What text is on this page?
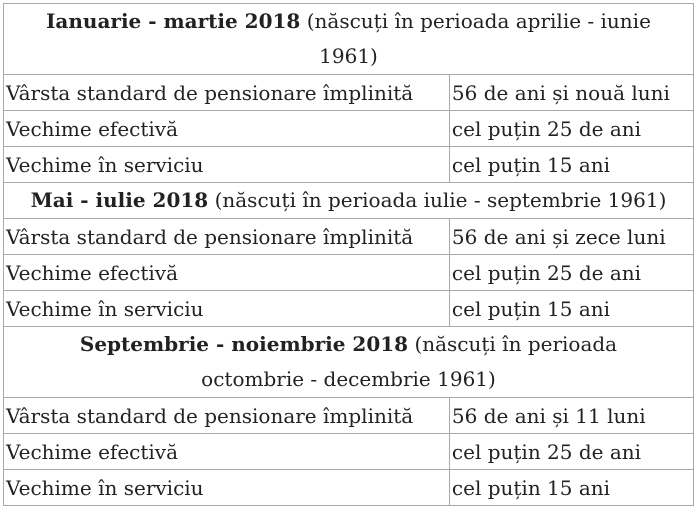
Ianuarie - martie 2018 (născuți în perioada aprilie - iunie 1961)	
Vârsta standard de pensionare împlinită	56 de ani și nouă luni
Vechime efectivă	cel puțin 25 de ani
Vechime în serviciu	cel puțin 15 ani
Mai - iulie 2018 (născuți în perioada iulie - septembrie 1961)	
Vârsta standard de pensionare împlinită	56 de ani și zece luni
Vechime efectivă	cel puțin 25 de ani
Vechime în serviciu	cel puțin 15 ani
Septembrie - noiembrie 2018 (născuți în perioada octombrie - decembrie 1961)	
Vârsta standard de pensionare împlinită	56 de ani și 11 luni
Vechime efectivă	cel puțin 25 de ani
Vechime în serviciu	cel puțin 15 ani
